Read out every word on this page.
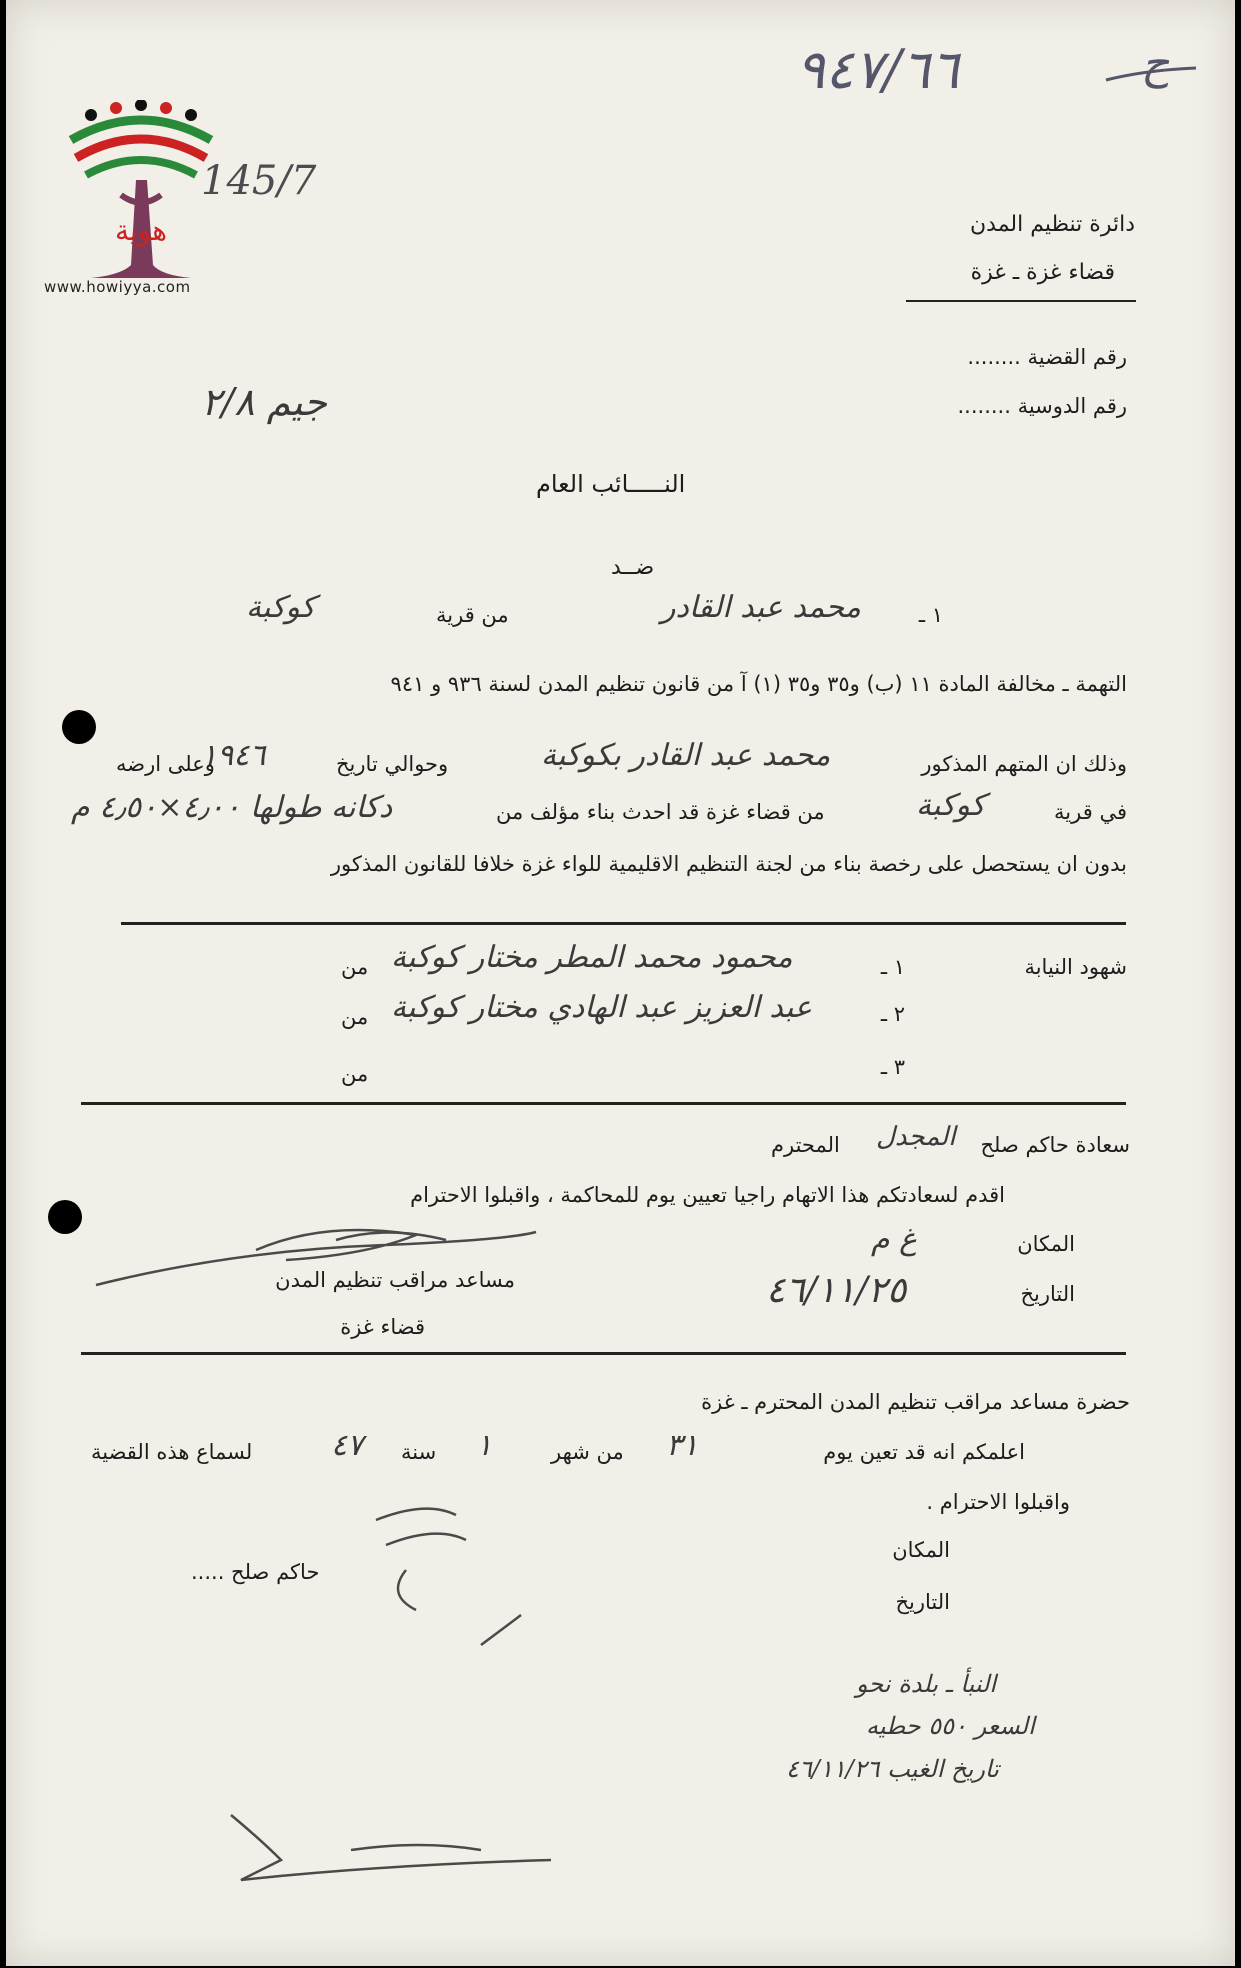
هوية
www.howiyya.com
145/7
٩٤٧/٦٦	ح
دائرة تنظيم المدن
قضاء غزة ـ غزة
رقم القضية ........
رقم الدوسية ........
جيم ٢/٨
النـــــائب العام
ضــد
١ ـ
محمد عبد القادر
من قرية
كوكبة
التهمة ـ مخالفة المادة ١١ (ب) و٣٥ و٣٥ (١) آ من قانون تنظيم المدن لسنة ٩٣٦ و ٩٤١
وذلك ان المتهم المذكور
محمد عبد القادر بكوكبة
وحوالي تاريخ
١٩٤٦
وعلى ارضه
في قرية
كوكبة
من قضاء غزة قد احدث بناء مؤلف من
دكانه طولها ٤٫٠٠×٤٫٥٠ م
بدون ان يستحصل على رخصة بناء من لجنة التنظيم الاقليمية للواء غزة خلافا للقانون المذكور
شهود النيابة
١ ـ
محمود محمد المطر مختار كوكبة
من
٢ ـ
عبد العزيز عبد الهادي مختار كوكبة
من
٣ ـ
من
سعادة حاكم صلح
المجدل
المحترم
اقدم لسعادتكم هذا الاتهام راجيا تعيين يوم للمحاكمة ، واقبلوا الاحترام
المكان
غ م
التاريخ
٤٦/١١/٢٥
مساعد مراقب تنظيم المدن
قضاء غزة
حضرة مساعد مراقب تنظيم المدن المحترم ـ غزة
اعلمكم انه قد تعين يوم
٣١
من شهر
١
سنة
٤٧
لسماع هذه القضية
واقبلوا الاحترام .
المكان
التاريخ
حاكم صلح .....
النبأ ـ بلدة نحو
السعر ٥٥٠ حطيه
تاريخ الغيب ٤٦/١١/٢٦
